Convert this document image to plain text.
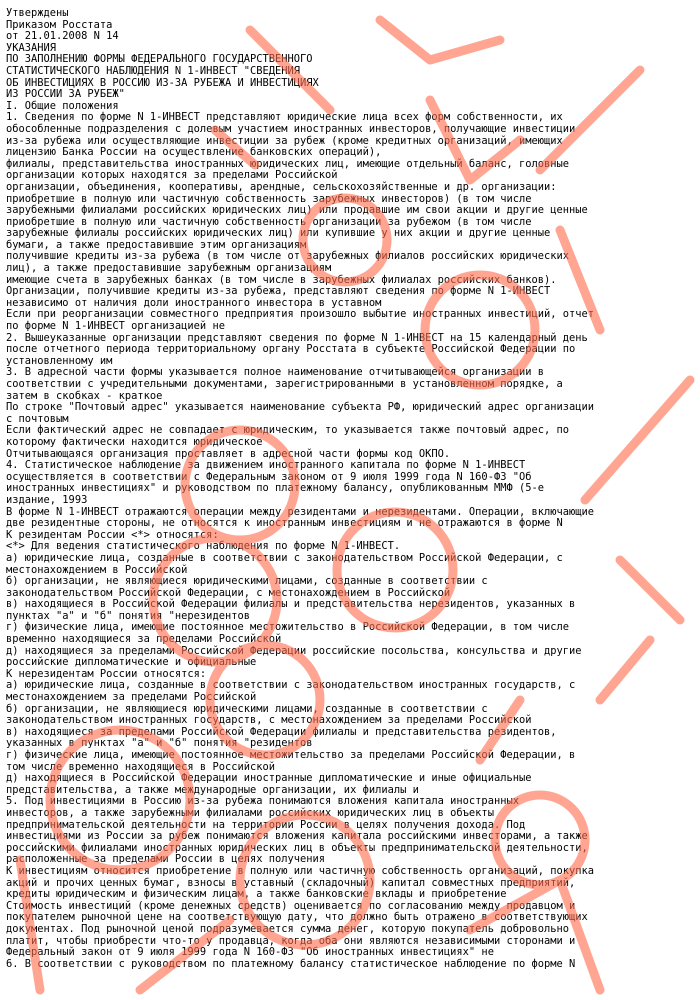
Утверждены
Приказом Росстата
от 21.01.2008 N 14
УКАЗАНИЯ
ПО ЗАПОЛНЕНИЮ ФОРМЫ ФЕДЕРАЛЬНОГО ГОСУДАРСТВЕННОГО
СТАТИСТИЧЕСКОГО НАБЛЮДЕНИЯ N 1-ИНВЕСТ "СВЕДЕНИЯ
ОБ ИНВЕСТИЦИЯХ В РОССИЮ ИЗ-ЗА РУБЕЖА И ИНВЕСТИЦИЯХ
ИЗ РОССИИ ЗА РУБЕЖ"
I. Общие положения
1. Сведения по форме N 1-ИНВЕСТ представляют юридические лица всех форм собственности, их
обособленные подразделения с долевым участием иностранных инвесторов, получающие инвестиции
из-за рубежа или осуществляющие инвестиции за рубеж (кроме кредитных организаций, имеющих
лицензию Банка России на осуществление банковских операций),
филиалы, представительства иностранных юридических лиц, имеющие отдельный баланс, головные
организации которых находятся за пределами Российской
организации, объединения, кооперативы, арендные, сельскохозяйственные и др. организации:
приобретшие в полную или частичную собственность зарубежных инвесторов) (в том числе
зарубежными филиалами российских юридических лиц) или продавшие им свои акции и другие ценные
приобретшие в полную или частичную собственность организации за рубежом (в том числе
зарубежные филиалы российских юридических лиц) или купившие у них акции и другие ценные
бумаги, а также предоставившие этим организациям
получившие кредиты из-за рубежа (в том числе от зарубежных филиалов российских юридических
лиц), а также предоставившие зарубежным организациям
имеющие счета в зарубежных банках (в том числе в зарубежных филиалах российских банков).
Организации, получившие кредиты из-за рубежа, представляют сведения по форме N 1-ИНВЕСТ
независимо от наличия доли иностранного инвестора в уставном
Если при реорганизации совместного предприятия произошло выбытие иностранных инвестиций, отчет
по форме N 1-ИНВЕСТ организацией не
2. Вышеуказанные организации представляют сведения по форме N 1-ИНВЕСТ на 15 календарный день
после отчетного периода территориальному органу Росстата в субъекте Российской Федерации по
установленному им
3. В адресной части формы указывается полное наименование отчитывающейся организации в
соответствии с учредительными документами, зарегистрированными в установленном порядке, а
затем в скобках - краткое
По строке "Почтовый адрес" указывается наименование субъекта РФ, юридический адрес организации
с почтовым
Если фактический адрес не совпадает с юридическим, то указывается также почтовый адрес, по
которому фактически находится юридическое
Отчитывающаяся организация проставляет в адресной части формы код ОКПО.
4. Статистическое наблюдение за движением иностранного капитала по форме N 1-ИНВЕСТ
осуществляется в соответствии с Федеральным законом от 9 июля 1999 года N 160-ФЗ "Об
иностранных инвестициях" и руководством по платежному балансу, опубликованным ММФ (5-е
издание, 1993
В форме N 1-ИНВЕСТ отражаются операции между резидентами и нерезидентами. Операции, включающие
две резидентные стороны, не относятся к иностранным инвестициям и не отражаются в форме N
К резидентам России <*> относятся:
<*> Для ведения статистического наблюдения по форме N 1-ИНВЕСТ.
а) юридические лица, созданные в соответствии с законодательством Российской Федерации, с
местонахождением в Российской
б) организации, не являющиеся юридическими лицами, созданные в соответствии с
законодательством Российской Федерации, с местонахождением в Российской
в) находящиеся в Российской Федерации филиалы и представительства нерезидентов, указанных в
пунктах "а" и "б" понятия "нерезидентов
г) физические лица, имеющие постоянное местожительство в Российской Федерации, в том числе
временно находящиеся за пределами Российской
д) находящиеся за пределами Российской Федерации российские посольства, консульства и другие
российские дипломатические и официальные
К нерезидентам России относятся:
а) юридические лица, созданные в соответствии с законодательством иностранных государств, с
местонахождением за пределами Российской
б) организации, не являющиеся юридическими лицами, созданные в соответствии с
законодательством иностранных государств, с местонахождением за пределами Российской
в) находящиеся за пределами Российской Федерации филиалы и представительства резидентов,
указанных в пунктах "а" и "б" понятия "резидентов
г) физические лица, имеющие постоянное местожительство за пределами Российской Федерации, в
том числе временно находящиеся в Российской
д) находящиеся в Российской Федерации иностранные дипломатические и иные официальные
представительства, а также международные организации, их филиалы и
5. Под инвестициями в Россию из-за рубежа понимаются вложения капитала иностранных
инвесторов, а также зарубежными филиалами российских юридических лиц в объекты
предпринимательской деятельности на территории России в целях получения дохода. Под
инвестициями из России за рубеж понимаются вложения капитала российскими инвесторами, а также
российскими филиалами иностранных юридических лиц в объекты предпринимательской деятельности,
расположенные за пределами России в целях получения
К инвестициям относится приобретение в полную или частичную собственность организаций, покупка
акций и прочих ценных бумаг, взносы в уставный (складочный) капитал совместных предприятий,
кредиты юридическим и физическим лицам, а также банковские вклады и приобретение
Стоимость инвестиций (кроме денежных средств) оценивается по согласованию между продавцом и
покупателем рыночной цене на соответствующую дату, что должно быть отражено в соответствующих
документах. Под рыночной ценой подразумевается сумма денег, которую покупатель добровольно
платит, чтобы приобрести что-то у продавца, когда оба они являются независимыми сторонами и
Федеральный закон от 9 июля 1999 года N 160-ФЗ "Об иностранных инвестициях" не
6. В соответствии с руководством по платежному балансу статистическое наблюдение по форме N
